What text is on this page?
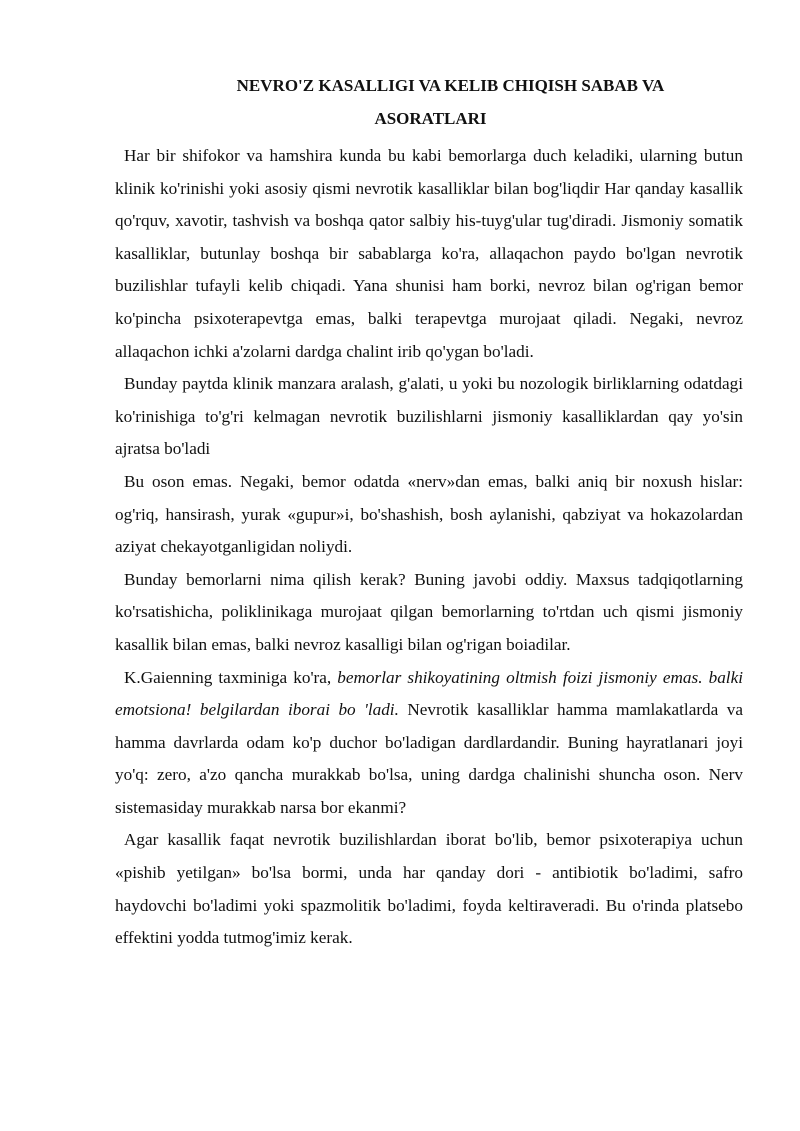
NEVRO'Z KASALLIGI VA KELIB CHIQISH SABAB VA
ASORATLARI

Har bir shifokor va hamshira kunda bu kabi bemorlarga duch keladiki, ularning butun klinik ko'rinishi yoki asosiy qismi nevrotik kasalliklar bilan bog'liqdir Har qanday kasallik qo'rquv, xavotir, tashvish va boshqa qator salbiy his-tuyg'ular tug'diradi. Jismoniy somatik kasalliklar, butunlay boshqa bir sabablarga ko'ra, allaqachon paydo bo'lgan nevrotik buzilishlar tufayli kelib chiqadi. Yana shunisi ham borki, nevroz bilan og'rigan bemor ko'pincha psixoterapevtga emas, balki terapevtga murojaat qiladi. Negaki, nevroz allaqachon ichki a'zolarni dardga chalint irib qo'ygan bo'ladi.

Bunday paytda klinik manzara aralash, g'alati, u yoki bu nozologik birliklarning odatdagi ko'rinishiga to'g'ri kelmagan nevrotik buzilishlarni jismoniy kasalliklardan qay yo'sin ajratsa bo'ladi

Bu oson emas. Negaki, bemor odatda «nerv»dan emas, balki aniq bir noxush hislar: og'riq, hansirash, yurak «gupur»i, bo'shashish, bosh aylanishi, qabziyat va hokazolardan aziyat chekayotganligidan noliydi.

Bunday bemorlarni nima qilish kerak? Buning javobi oddiy. Maxsus tadqiqotlarning ko'rsatishicha, poliklinikaga murojaat qilgan bemorlarning to'rtdan uch qismi jismoniy kasallik bilan emas, balki nevroz kasalligi bilan og'rigan boiadilar.

K.Gaienning taxminiga ko'ra, bemorlar shikoyatining oltmish foizi jismoniy emas. balki emotsiona! belgilardan iborai bo 'ladi. Nevrotik kasalliklar hamma mamlakatlarda va hamma davrlarda odam ko'p duchor bo'ladigan dardlardandir. Buning hayratlanari joyi yo'q: zero, a'zo qancha murakkab bo'lsa, uning dardga chalinishi shuncha oson. Nerv sistemasiday murakkab narsa bor ekanmi?

Agar kasallik faqat nevrotik buzilishlardan iborat bo'lib, bemor psixoterapiya uchun «pishib yetilgan» bo'lsa bormi, unda har qanday dori - antibiotik bo'ladimi, safro haydovchi bo'ladimi yoki spazmolitik bo'ladimi, foyda keltiraveradi. Bu o'rinda platsebo effektini yodda tutmog'imiz kerak.
